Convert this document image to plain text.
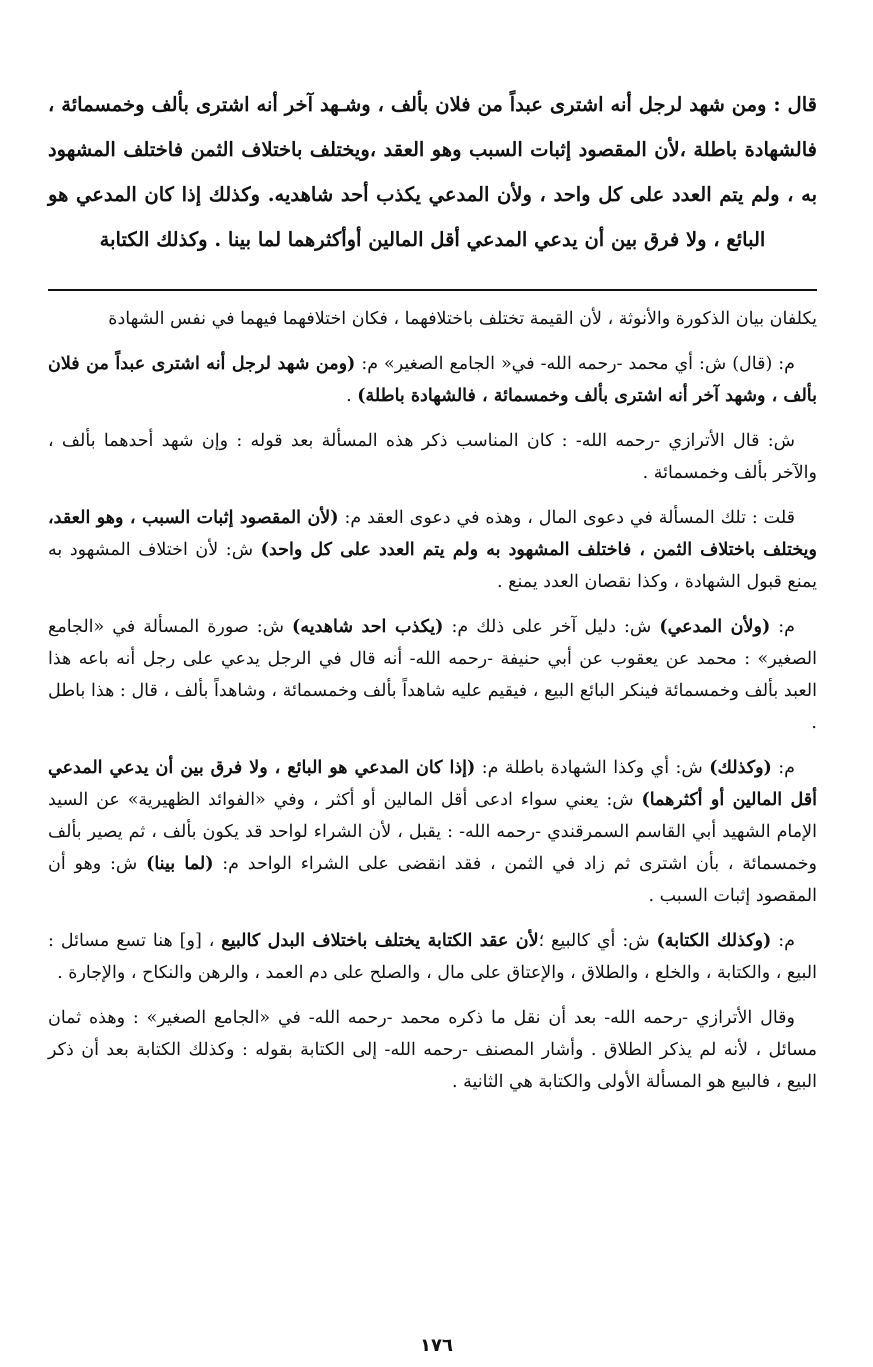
قال : ومن شهد لرجل أنه اشترى عبداً من فلان بألف ، وشـهد آخر أنه اشترى بألف وخمسمائة ، فالشهادة باطلة ،لأن المقصود إثبات السبب وهو العقد ،ويختلف باختلاف الثمن فاختلف المشهود به ، ولم يتم العدد على كل واحد ، ولأن المدعي يكذب أحد شاهديه. وكذلك إذا كان المدعي هو البائع ، ولا فرق بين أن يدعي المدعي أقل المالين أوأكثرهما لما بينا . وكذلك الكتابة

يكلفان بيان الذكورة والأنوثة ، لأن القيمة تختلف باختلافهما ، فكان اختلافهما فيهما في نفس الشهادة

م: (قال) ش: أي محمد -رحمه الله- في« الجامع الصغير» م: (ومن شهد لرجل أنه اشترى عبداً من فلان بألف ، وشهد آخر أنه اشترى بألف وخمسمائة ، فالشهادة باطلة) .

ش: قال الأترازي -رحمه الله- : كان المناسب ذكر هذه المسألة بعد قوله : وإن شهد أحدهما بألف ، والآخر بألف وخمسمائة .

قلت : تلك المسألة في دعوى المال ، وهذه في دعوى العقد م: (لأن المقصود إثبات السبب ، وهو العقد، ويختلف باختلاف الثمن ، فاختلف المشهود به ولم يتم العدد على كل واحد) ش: لأن اختلاف المشهود به يمنع قبول الشهادة ، وكذا نقصان العدد يمنع .

م: (ولأن المدعي) ش: دليل آخر على ذلك م: (يكذب احد شاهديه) ش: صورة المسألة في «الجامع الصغير» : محمد عن يعقوب عن أبي حنيفة -رحمه الله- أنه قال في الرجل يدعي على رجل أنه باعه هذا العبد بألف وخمسمائة فينكر البائع البيع ، فيقيم عليه شاهداً بألف وخمسمائة ، وشاهداً بألف ، قال : هذا باطل .

م: (وكذلك) ش: أي وكذا الشهادة باطلة م: (إذا كان المدعي هو البائع ، ولا فرق بين أن يدعي المدعي أقل المالين أو أكثرهما) ش: يعني سواء ادعى أقل المالين أو أكثر ، وفي «الفوائد الظهيرية» عن السيد الإمام الشهيد أبي القاسم السمرقندي -رحمه الله- : يقبل ، لأن الشراء لواحد قد يكون بألف ، ثم يصير بألف وخمسمائة ، بأن اشترى ثم زاد في الثمن ، فقد انقضى على الشراء الواحد م: (لما بينا) ش: وهو أن المقصود إثبات السبب .

م: (وكذلك الكتابة) ش: أي كالبيع ؛لأن عقد الكتابة يختلف باختلاف البدل كالبيع ، [و] هنا تسع مسائل : البيع ، والكتابة ، والخلع ، والطلاق ، والإعتاق على مال ، والصلح على دم العمد ، والرهن والنكاح ، والإجارة .

وقال الأترازي -رحمه الله- بعد أن نقل ما ذكره محمد -رحمه الله- في «الجامع الصغير» : وهذه ثمان مسائل ، لأنه لم يذكر الطلاق . وأشار المصنف -رحمه الله- إلى الكتابة بقوله : وكذلك الكتابة بعد أن ذكر البيع ، فالبيع هو المسألة الأولى والكتابة هي الثانية .

١٧٦
